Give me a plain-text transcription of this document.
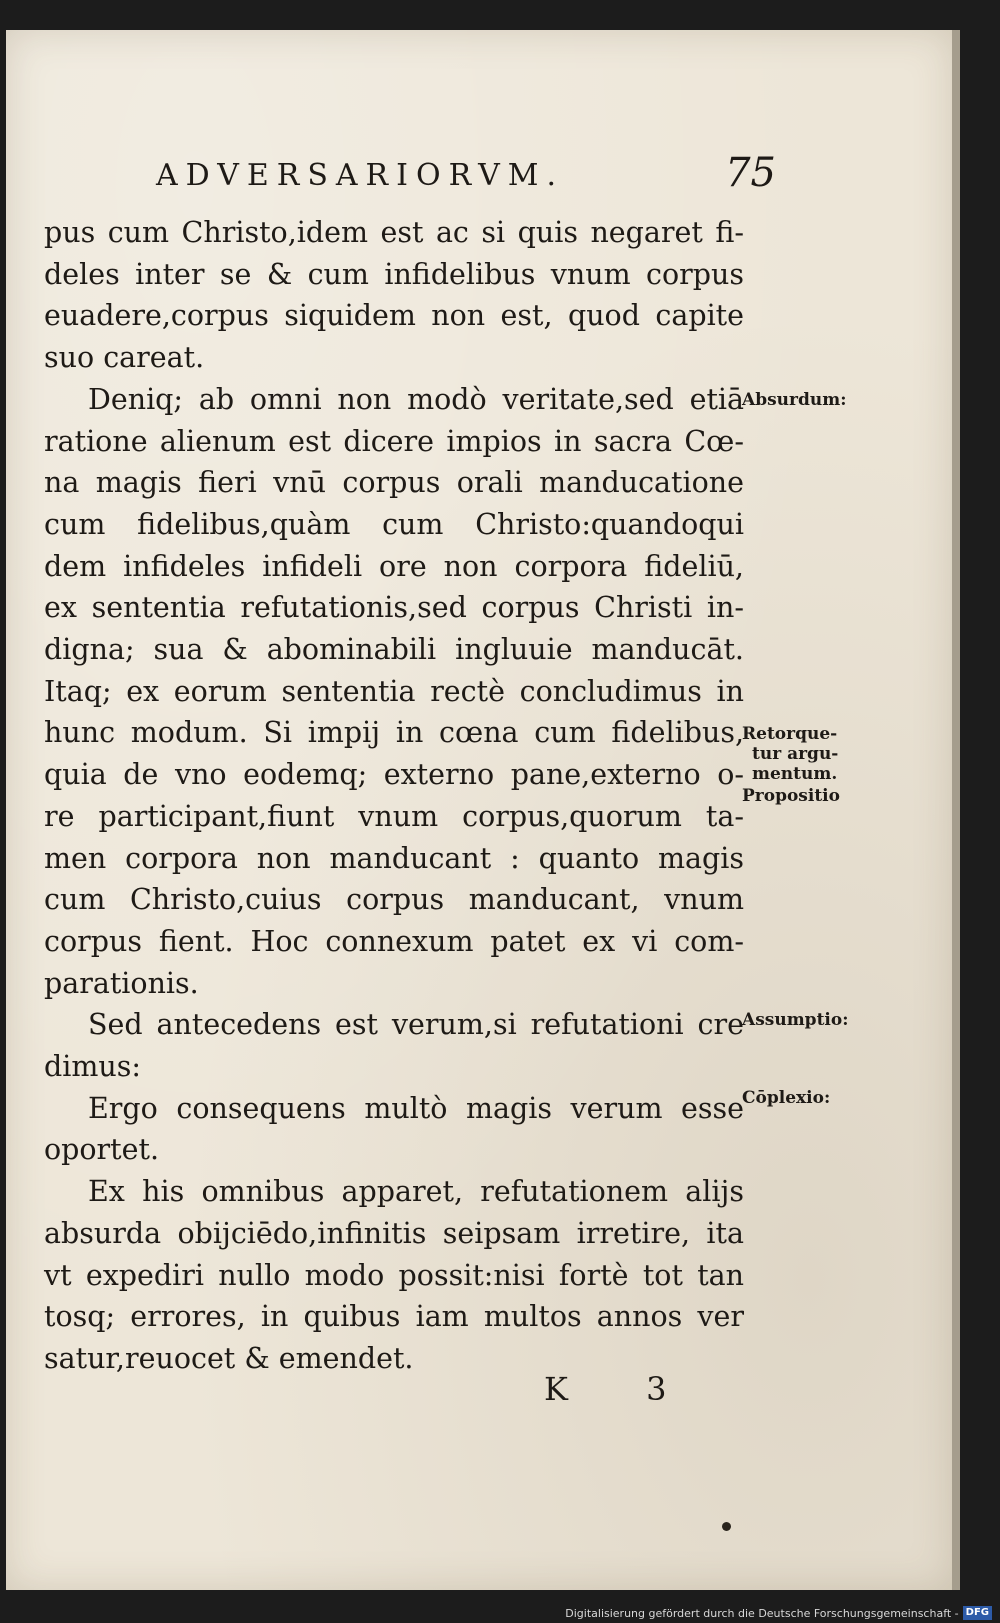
ADVERSARIORVM.	75
pus cum Christo,idem est ac si quis negaret fi-
deles inter se & cum infidelibus vnum corpus
euadere,corpus siquidem non est, quod capite
suo careat.
Deniq; ab omni non modò veritate,sed etiā
ratione alienum est dicere impios in sacra Cœ-
na magis fieri vnū corpus orali manducatione
cum fidelibus,quàm cum Christo:quandoqui
dem infideles infideli ore non corpora fideliū,
ex sententia refutationis,sed corpus Christi in-
digna; sua & abominabili ingluuie manducāt.
Itaq; ex eorum sententia rectè concludimus in
hunc modum. Si impij in cœna cum fidelibus,
quia de vno eodemq; externo pane,externo o-
re participant,fiunt vnum corpus,quorum ta-
men corpora non manducant : quanto magis
cum Christo,cuius corpus manducant, vnum
corpus fient. Hoc connexum patet ex vi com-
parationis.
Sed antecedens est verum,si refutationi cre
dimus:
Ergo consequens multò magis verum esse
oportet.
Ex his omnibus apparet, refutationem alijs
absurda obijciēdo,infinitis seipsam irretire, ita
vt expediri nullo modo possit:nisi fortè tot tan
tosq; errores, in quibus iam multos annos ver
satur,reuocet & emendet.
Absurdum:
Retorque-
tur argu-
mentum.
Propositio
Assumptio:
Cōplexio:
K 3
Digitalisierung gefördert durch die Deutsche Forschungsgemeinschaft - DFG
